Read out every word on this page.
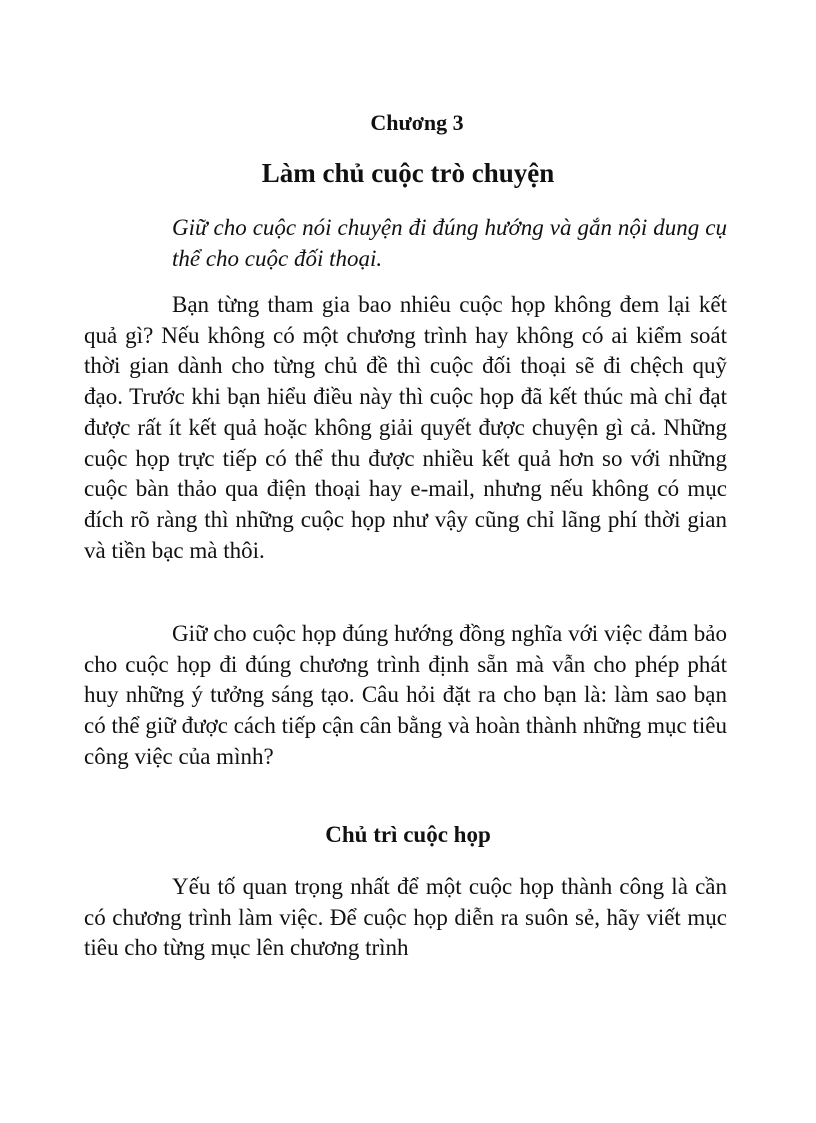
Chương 3
Làm chủ cuộc trò chuyện

Giữ cho cuộc nói chuyện đi đúng hướng và gắn nội dung cụ thể cho cuộc đối thoại.

Bạn từng tham gia bao nhiêu cuộc họp không đem lại kết quả gì? Nếu không có một chương trình hay không có ai kiểm soát thời gian dành cho từng chủ đề thì cuộc đối thoại sẽ đi chệch quỹ đạo. Trước khi bạn hiểu điều này thì cuộc họp đã kết thúc mà chỉ đạt được rất ít kết quả hoặc không giải quyết được chuyện gì cả. Những cuộc họp trực tiếp có thể thu được nhiều kết quả hơn so với những cuộc bàn thảo qua điện thoại hay e-mail, nhưng nếu không có mục đích rõ ràng thì những cuộc họp như vậy cũng chỉ lãng phí thời gian và tiền bạc mà thôi.

Giữ cho cuộc họp đúng hướng đồng nghĩa với việc đảm bảo cho cuộc họp đi đúng chương trình định sẵn mà vẫn cho phép phát huy những ý tưởng sáng tạo. Câu hỏi đặt ra cho bạn là: làm sao bạn có thể giữ được cách tiếp cận cân bằng và hoàn thành những mục tiêu công việc của mình?

Chủ trì cuộc họp

Yếu tố quan trọng nhất để một cuộc họp thành công là cần có chương trình làm việc. Để cuộc họp diễn ra suôn sẻ, hãy viết mục tiêu cho từng mục lên chương trình
